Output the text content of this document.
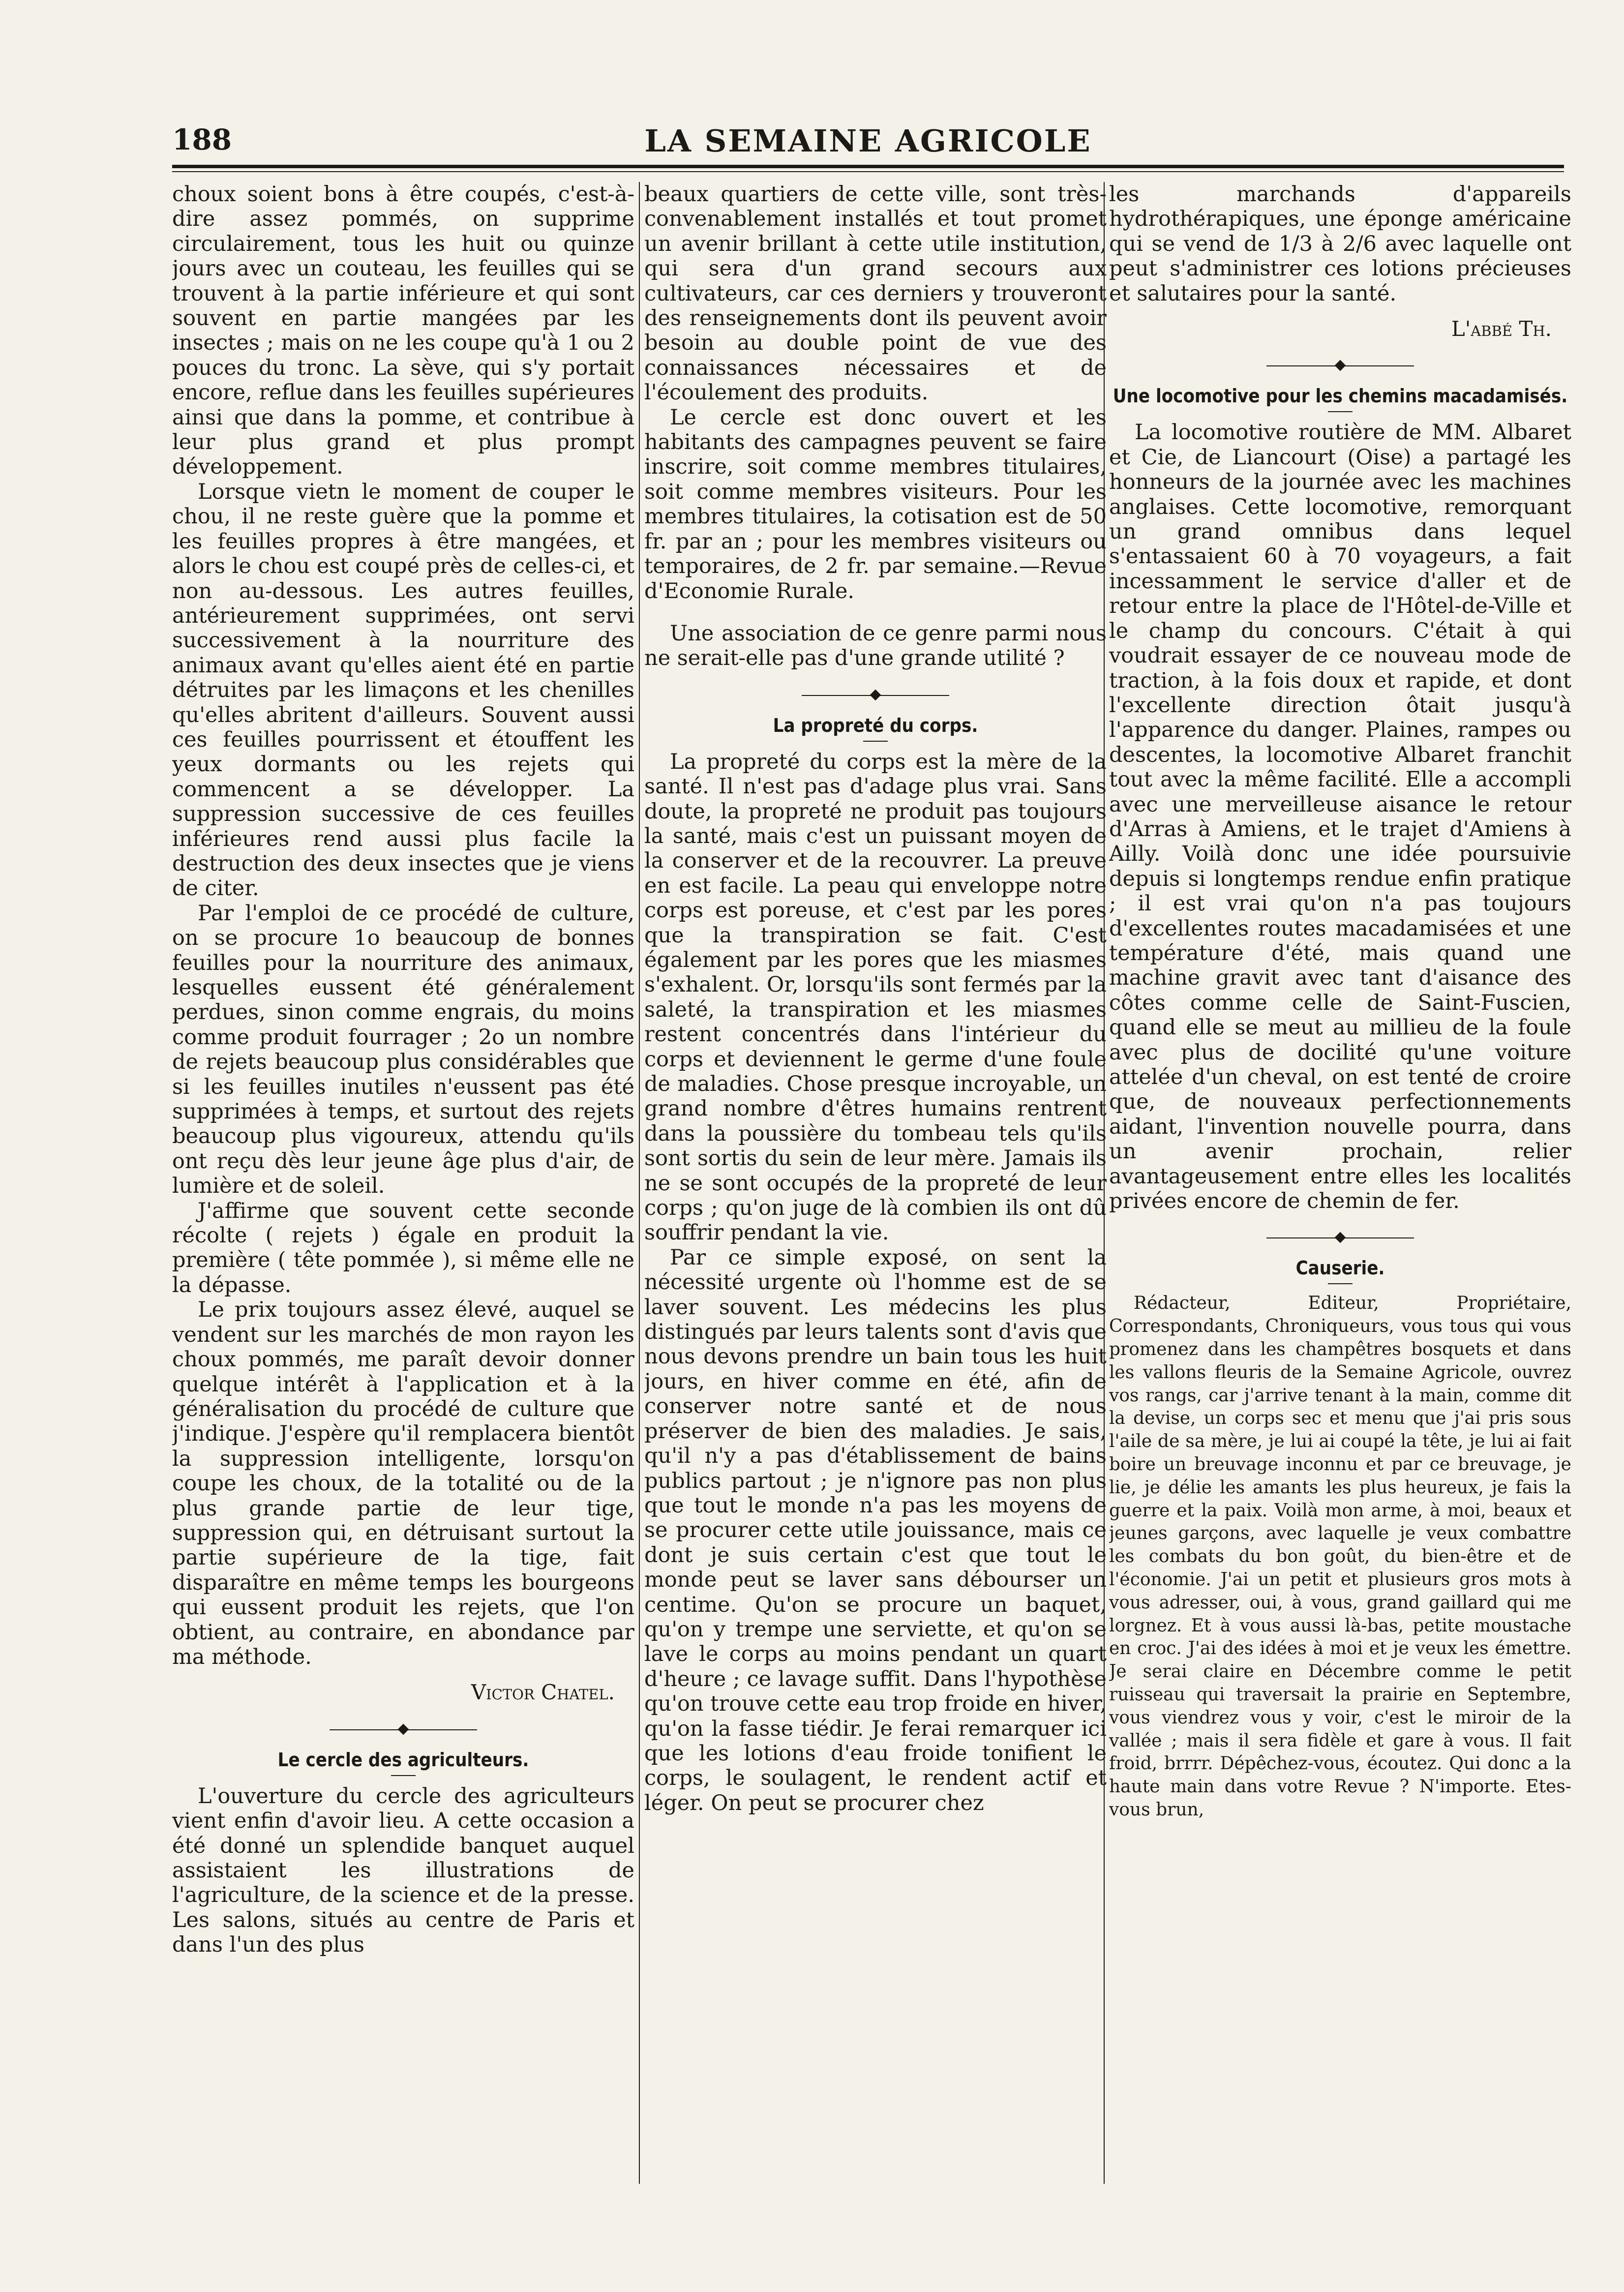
188	LA SEMAINE AGRICOLE

choux soient bons à être coupés, c'est-à-dire assez pommés, on supprime circulairement, tous les huit ou quinze jours avec un couteau, les feuilles qui se trouvent à la partie inférieure et qui sont souvent en partie mangées par les insectes ; mais on ne les coupe qu'à 1 ou 2 pouces du tronc. La sève, qui s'y portait encore, reflue dans les feuilles supérieures ainsi que dans la pomme, et contribue à leur plus grand et plus prompt développement.

Lorsque vietn le moment de couper le chou, il ne reste guère que la pomme et les feuilles propres à être mangées, et alors le chou est coupé près de celles-ci, et non au-dessous. Les autres feuilles, antérieurement supprimées, ont servi successivement à la nourriture des animaux avant qu'elles aient été en partie détruites par les limaçons et les chenilles qu'elles abritent d'ailleurs. Souvent aussi ces feuilles pourrissent et étouffent les yeux dormants ou les rejets qui commencent a se développer. La suppression successive de ces feuilles inférieures rend aussi plus facile la destruction des deux insectes que je viens de citer.

Par l'emploi de ce procédé de culture, on se procure 1o beaucoup de bonnes feuilles pour la nourriture des animaux, lesquelles eussent été généralement perdues, sinon comme engrais, du moins comme produit fourrager ; 2o un nombre de rejets beaucoup plus considérables que si les feuilles inutiles n'eussent pas été supprimées à temps, et surtout des rejets beaucoup plus vigoureux, attendu qu'ils ont reçu dès leur jeune âge plus d'air, de lumière et de soleil.

J'affirme que souvent cette seconde récolte ( rejets ) égale en produit la première ( tête pommée ), si même elle ne la dépasse.

Le prix toujours assez élevé, auquel se vendent sur les marchés de mon rayon les choux pommés, me paraît devoir donner quelque intérêt à l'application et à la généralisation du procédé de culture que j'indique. J'espère qu'il remplacera bientôt la suppression intelligente, lorsqu'on coupe les choux, de la totalité ou de la plus grande partie de leur tige, suppression qui, en détruisant surtout la partie supérieure de la tige, fait disparaître en même temps les bourgeons qui eussent produit les rejets, que l'on obtient, au contraire, en abondance par ma méthode.

Victor Chatel.

Le cercle des agriculteurs.

L'ouverture du cercle des agriculteurs vient enfin d'avoir lieu. A cette occasion a été donné un splendide banquet auquel assistaient les illustrations de l'agriculture, de la science et de la presse. Les salons, situés au centre de Paris et dans l'un des plus

beaux quartiers de cette ville, sont très-convenablement installés et tout promet un avenir brillant à cette utile institution, qui sera d'un grand secours aux cultivateurs, car ces derniers y trouveront des renseignements dont ils peuvent avoir besoin au double point de vue des connaissances nécessaires et de l'écoulement des produits.

Le cercle est donc ouvert et les habitants des campagnes peuvent se faire inscrire, soit comme membres titulaires, soit comme membres visiteurs. Pour les membres titulaires, la cotisation est de 50 fr. par an ; pour les membres visiteurs ou temporaires, de 2 fr. par semaine.—Revue d'Economie Rurale.

Une association de ce genre parmi nous ne serait-elle pas d'une grande utilité ?

La propreté du corps.

La propreté du corps est la mère de la santé. Il n'est pas d'adage plus vrai. Sans doute, la propreté ne produit pas toujours la santé, mais c'est un puissant moyen de la conserver et de la recouvrer. La preuve en est facile. La peau qui enveloppe notre corps est poreuse, et c'est par les pores que la transpiration se fait. C'est également par les pores que les miasmes s'exhalent. Or, lorsqu'ils sont fermés par la saleté, la transpiration et les miasmes restent concentrés dans l'intérieur du corps et deviennent le germe d'une foule de maladies. Chose presque incroyable, un grand nombre d'êtres humains rentrent dans la poussière du tombeau tels qu'ils sont sortis du sein de leur mère. Jamais ils ne se sont occupés de la propreté de leur corps ; qu'on juge de là combien ils ont dû souffrir pendant la vie.

Par ce simple exposé, on sent la nécessité urgente où l'homme est de se laver souvent. Les médecins les plus distingués par leurs talents sont d'avis que nous devons prendre un bain tous les huit jours, en hiver comme en été, afin de conserver notre santé et de nous préserver de bien des maladies. Je sais, qu'il n'y a pas d'établissement de bains publics partout ; je n'ignore pas non plus que tout le monde n'a pas les moyens de se procurer cette utile jouissance, mais ce dont je suis certain c'est que tout le monde peut se laver sans débourser un centime. Qu'on se procure un baquet, qu'on y trempe une serviette, et qu'on se lave le corps au moins pendant un quart d'heure ; ce lavage suffit. Dans l'hypothèse qu'on trouve cette eau trop froide en hiver, qu'on la fasse tiédir. Je ferai remarquer ici que les lotions d'eau froide tonifient le corps, le soulagent, le rendent actif et léger. On peut se procurer chez

les marchands d'appareils hydrothérapiques, une éponge américaine qui se vend de 1/3 à 2/6 avec laquelle ont peut s'administrer ces lotions précieuses et salutaires pour la santé.

L'abbé Th.

Une locomotive pour les chemins macadamisés.

La locomotive routière de MM. Albaret et Cie, de Liancourt (Oise) a partagé les honneurs de la journée avec les machines anglaises. Cette locomotive, remorquant un grand omnibus dans lequel s'entassaient 60 à 70 voyageurs, a fait incessamment le service d'aller et de retour entre la place de l'Hôtel-de-Ville et le champ du concours. C'était à qui voudrait essayer de ce nouveau mode de traction, à la fois doux et rapide, et dont l'excellente direction ôtait jusqu'à l'apparence du danger. Plaines, rampes ou descentes, la locomotive Albaret franchit tout avec la même facilité. Elle a accompli avec une merveilleuse aisance le retour d'Arras à Amiens, et le trajet d'Amiens à Ailly. Voilà donc une idée poursuivie depuis si longtemps rendue enfin pratique ; il est vrai qu'on n'a pas toujours d'excellentes routes macadamisées et une température d'été, mais quand une machine gravit avec tant d'aisance des côtes comme celle de Saint-Fuscien, quand elle se meut au millieu de la foule avec plus de docilité qu'une voiture attelée d'un cheval, on est tenté de croire que, de nouveaux perfectionnements aidant, l'invention nouvelle pourra, dans un avenir prochain, relier avantageusement entre elles les localités privées encore de chemin de fer.

Causerie.

Rédacteur, Editeur, Propriétaire, Correspondants, Chroniqueurs, vous tous qui vous promenez dans les champêtres bosquets et dans les vallons fleuris de la Semaine Agricole, ouvrez vos rangs, car j'arrive tenant à la main, comme dit la devise, un corps sec et menu que j'ai pris sous l'aile de sa mère, je lui ai coupé la tête, je lui ai fait boire un breuvage inconnu et par ce breuvage, je lie, je délie les amants les plus heureux, je fais la guerre et la paix. Voilà mon arme, à moi, beaux et jeunes garçons, avec laquelle je veux combattre les combats du bon goût, du bien-être et de l'économie. J'ai un petit et plusieurs gros mots à vous adresser, oui, à vous, grand gaillard qui me lorgnez. Et à vous aussi là-bas, petite moustache en croc. J'ai des idées à moi et je veux les émettre. Je serai claire en Décembre comme le petit ruisseau qui traversait la prairie en Septembre, vous viendrez vous y voir, c'est le miroir de la vallée ; mais il sera fidèle et gare à vous. Il fait froid, brrrr. Dépêchez-vous, écoutez. Qui donc a la haute main dans votre Revue ? N'importe. Etes-vous brun,
